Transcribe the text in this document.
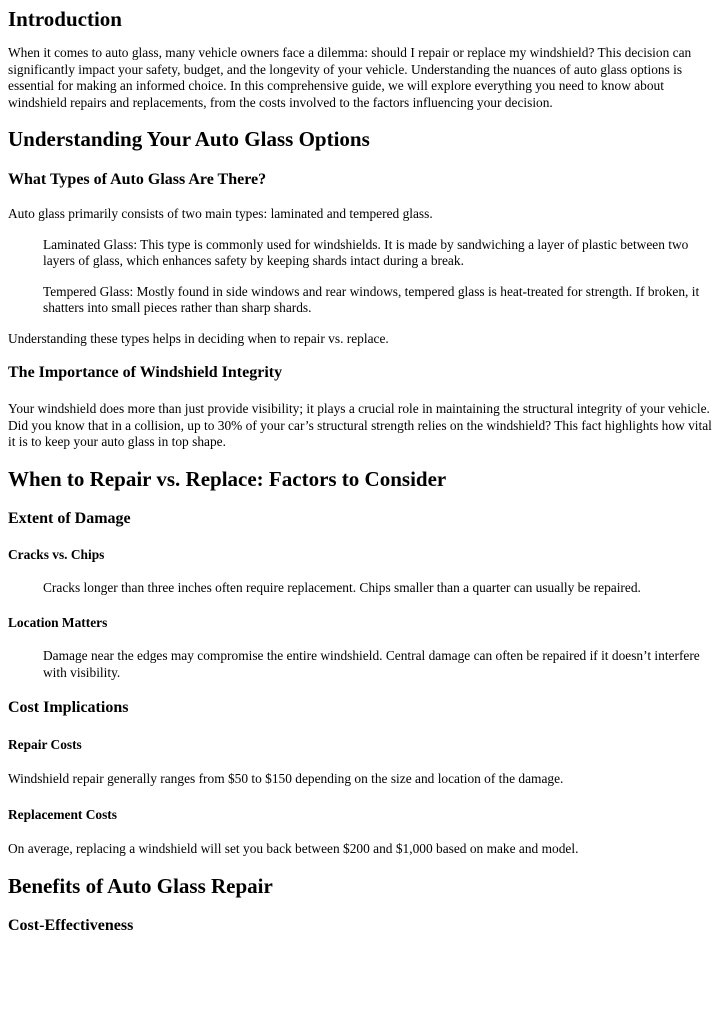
Introduction

When it comes to auto glass, many vehicle owners face a dilemma: should I repair or replace my windshield? This decision can significantly impact your safety, budget, and the longevity of your vehicle. Understanding the nuances of auto glass options is essential for making an informed choice. In this comprehensive guide, we will explore everything you need to know about windshield repairs and replacements, from the costs involved to the factors influencing your decision.

Understanding Your Auto Glass Options
What Types of Auto Glass Are There?

Auto glass primarily consists of two main types: laminated and tempered glass.

Laminated Glass: This type is commonly used for windshields. It is made by sandwiching a layer of plastic between two layers of glass, which enhances safety by keeping shards intact during a break.

Tempered Glass: Mostly found in side windows and rear windows, tempered glass is heat-treated for strength. If broken, it shatters into small pieces rather than sharp shards.

Understanding these types helps in deciding when to repair vs. replace.

The Importance of Windshield Integrity

Your windshield does more than just provide visibility; it plays a crucial role in maintaining the structural integrity of your vehicle. Did you know that in a collision, up to 30% of your car’s structural strength relies on the windshield? This fact highlights how vital it is to keep your auto glass in top shape.

When to Repair vs. Replace: Factors to Consider
Extent of Damage
Cracks vs. Chips

Cracks longer than three inches often require replacement. Chips smaller than a quarter can usually be repaired.

Location Matters

Damage near the edges may compromise the entire windshield. Central damage can often be repaired if it doesn’t interfere with visibility.

Cost Implications
Repair Costs

Windshield repair generally ranges from $50 to $150 depending on the size and location of the damage.

Replacement Costs

On average, replacing a windshield will set you back between $200 and $1,000 based on make and model.

Benefits of Auto Glass Repair
Cost-Effectiveness
